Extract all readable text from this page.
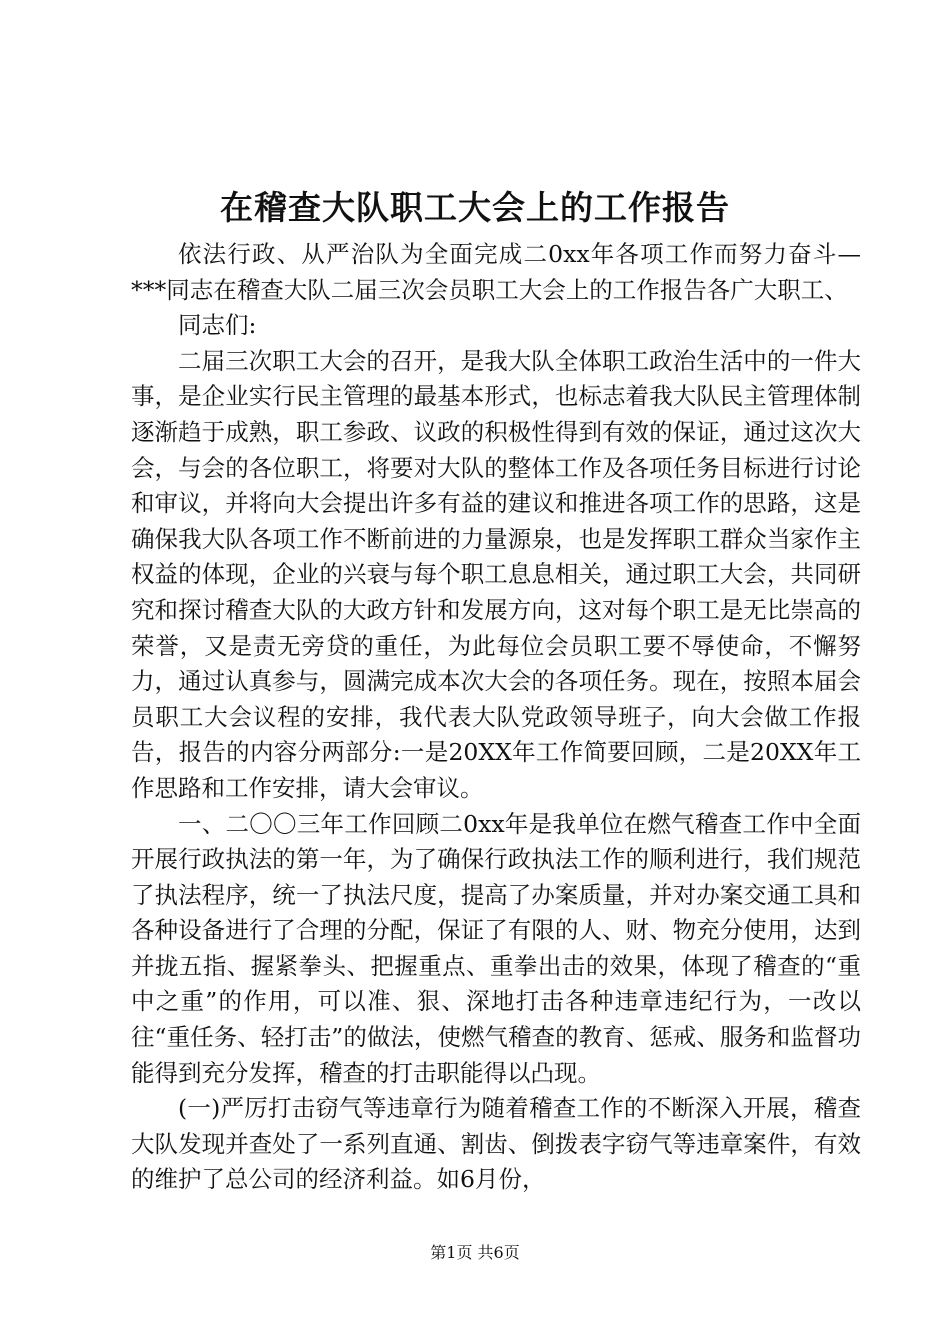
在稽查大队职工大会上的工作报告

依法行政、从严治队为全面完成二0xx年各项工作而努力奋斗—***同志在稽查大队二届三次会员职工大会上的工作报告各广大职工、

同志们:

二届三次职工大会的召开，是我大队全体职工政治生活中的一件大事，是企业实行民主管理的最基本形式，也标志着我大队民主管理体制逐渐趋于成熟，职工参政、议政的积极性得到有效的保证，通过这次大会，与会的各位职工，将要对大队的整体工作及各项任务目标进行讨论和审议，并将向大会提出许多有益的建议和推进各项工作的思路，这是确保我大队各项工作不断前进的力量源泉，也是发挥职工群众当家作主权益的体现，企业的兴衰与每个职工息息相关，通过职工大会，共同研究和探讨稽查大队的大政方针和发展方向，这对每个职工是无比崇高的荣誉，又是责无旁贷的重任，为此每位会员职工要不辱使命，不懈努力，通过认真参与，圆满完成本次大会的各项任务。现在，按照本届会员职工大会议程的安排，我代表大队党政领导班子，向大会做工作报告，报告的内容分两部分:一是20XX年工作简要回顾，二是20XX年工作思路和工作安排，请大会审议。

一、二〇〇三年工作回顾二0xx年是我单位在燃气稽查工作中全面开展行政执法的第一年，为了确保行政执法工作的顺利进行，我们规范了执法程序，统一了执法尺度，提高了办案质量，并对办案交通工具和各种设备进行了合理的分配，保证了有限的人、财、物充分使用，达到并拢五指、握紧拳头、把握重点、重拳出击的效果，体现了稽查的“重中之重”的作用，可以准、狠、深地打击各种违章违纪行为，一改以往“重任务、轻打击”的做法，使燃气稽查的教育、惩戒、服务和监督功能得到充分发挥，稽查的打击职能得以凸现。

(一)严厉打击窃气等违章行为随着稽查工作的不断深入开展，稽查大队发现并查处了一系列直通、割齿、倒拨表字窃气等违章案件，有效的维护了总公司的经济利益。如6月份，

第1页 共6页
